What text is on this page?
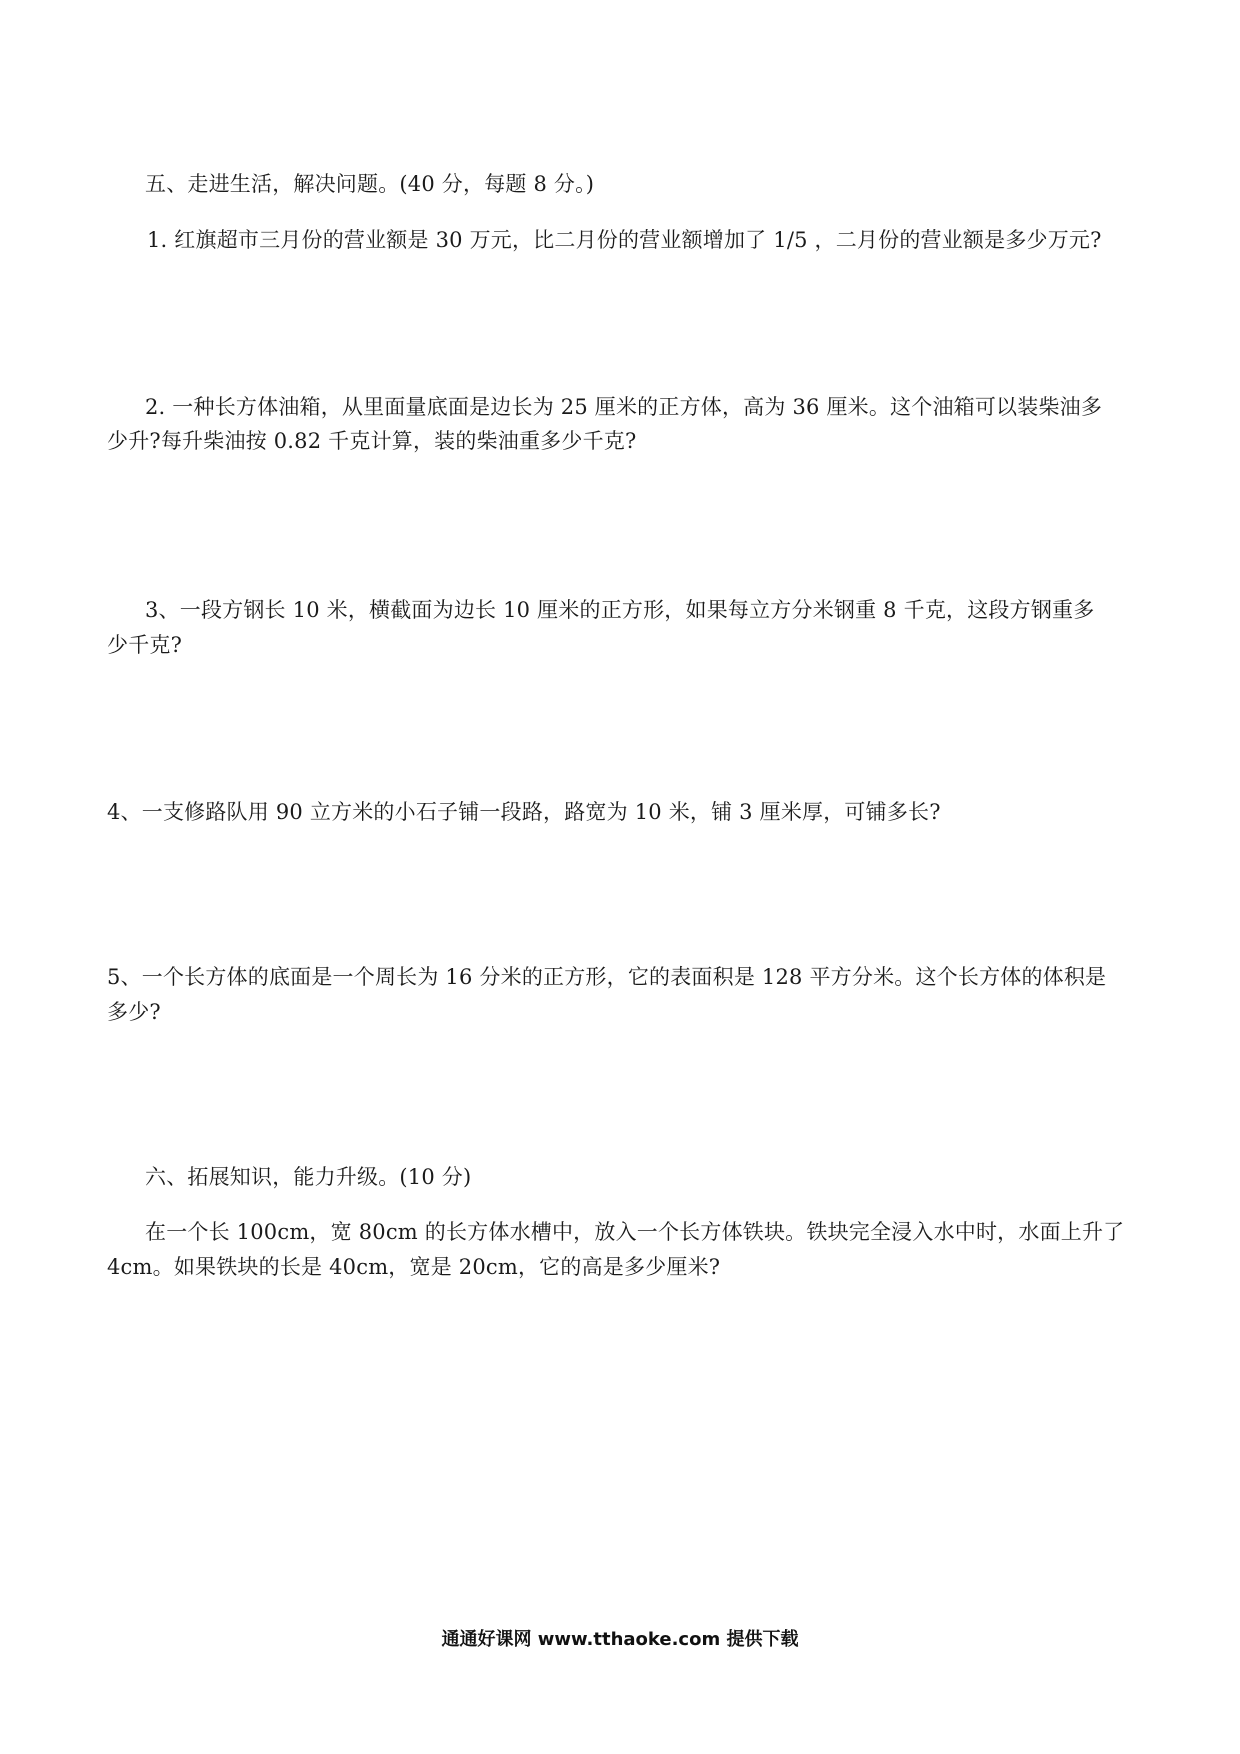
五、走进生活，解决问题。(40 分，每题 8 分。)
1. 红旗超市三月份的营业额是 30 万元，比二月份的营业额增加了 1/5 ，二月份的营业额是多少万元?
2. 一种长方体油箱，从里面量底面是边长为 25 厘米的正方体，高为 36 厘米。这个油箱可以装柴油多
少升?每升柴油按 0.82 千克计算，装的柴油重多少千克?
3、一段方钢长 10 米，横截面为边长 10 厘米的正方形，如果每立方分米钢重 8 千克，这段方钢重多
少千克?
4、一支修路队用 90 立方米的小石子铺一段路，路宽为 10 米，铺 3 厘米厚，可铺多长?
5、一个长方体的底面是一个周长为 16 分米的正方形，它的表面积是 128 平方分米。这个长方体的体积是
多少?
六、拓展知识，能力升级。(10 分)
在一个长 100cm，宽 80cm 的长方体水槽中，放入一个长方体铁块。铁块完全浸入水中时，水面上升了
4cm。如果铁块的长是 40cm，宽是 20cm，它的高是多少厘米?
通通好课网 www.tthaoke.com 提供下载
